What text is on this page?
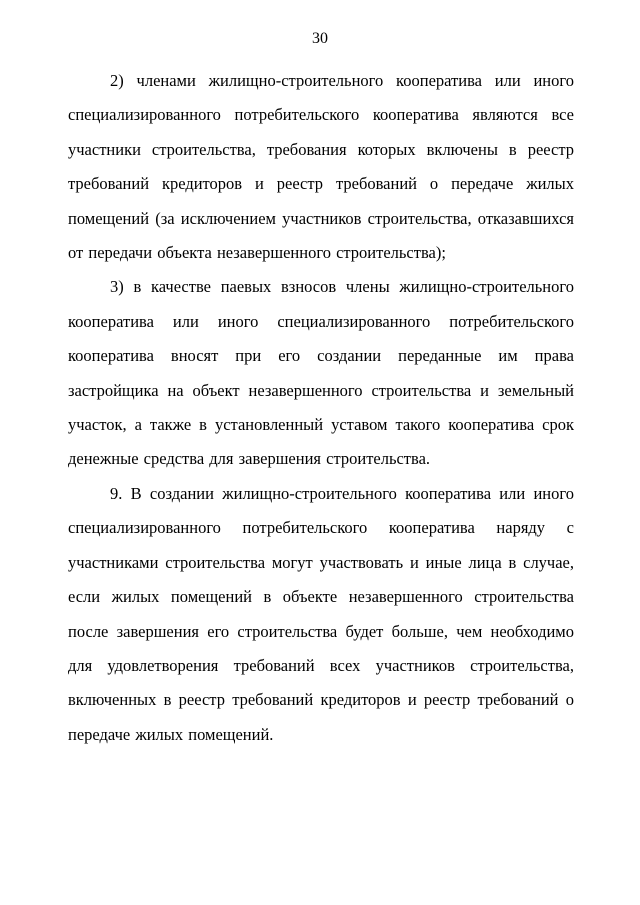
30

2) членами жилищно-строительного кооператива или иного специализированного потребительского кооператива являются все участники строительства, требования которых включены в реестр требований кредиторов и реестр требований о передаче жилых помещений (за исключением участников строительства, отказавшихся от передачи объекта незавершенного строительства);

3) в качестве паевых взносов члены жилищно-строительного кооператива или иного специализированного потребительского кооператива вносят при его создании переданные им права застройщика на объект незавершенного строительства и земельный участок, а также в установленный уставом такого кооператива срок денежные средства для завершения строительства.

9. В создании жилищно-строительного кооператива или иного специализированного потребительского кооператива наряду с участниками строительства могут участвовать и иные лица в случае, если жилых помещений в объекте незавершенного строительства после завершения его строительства будет больше, чем необходимо для удовлетворения требований всех участников строительства, включенных в реестр требований кредиторов и реестр требований о передаче жилых помещений.
